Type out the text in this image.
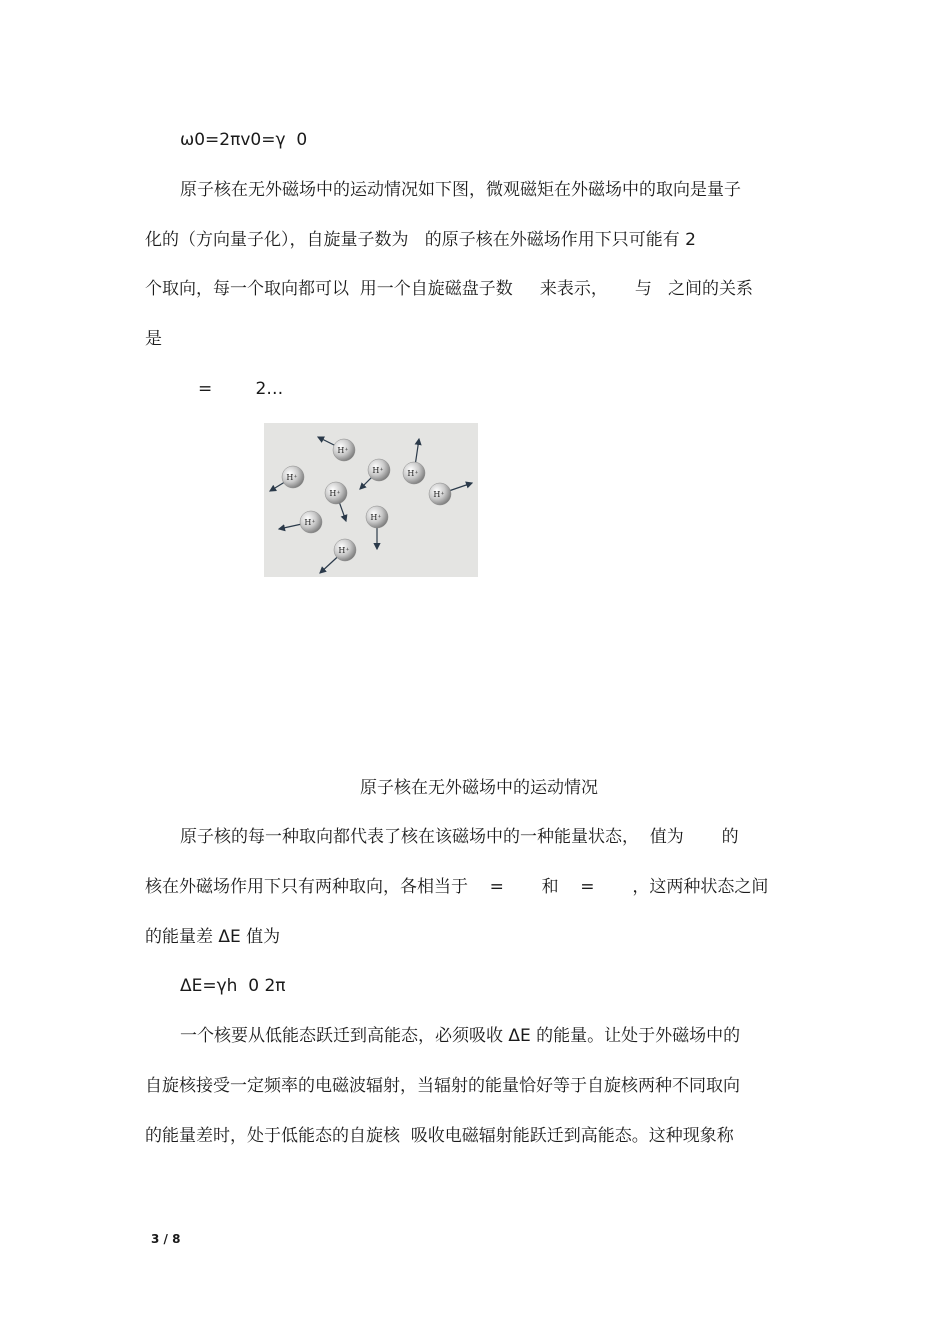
ω0=2πv0=γ  0
原子核在无外磁场中的运动情况如下图，微观磁矩在外磁场中的取向是量子
化的（方向量子化），自旋量子数为   的原子核在外磁场作用下只可能有 2
个取向，每一个取向都可以  用一个自旋磁盘子数     来表示，     与   之间的关系
是
=        2…
H⁺
H⁺
H⁺
H⁺	H⁺
H⁺
H⁺
H⁺
H⁺
原子核在无外磁场中的运动情况
原子核的每一种取向都代表了核在该磁场中的一种能量状态，  值为       的
核在外磁场作用下只有两种取向，各相当于    =       和    =       ，这两种状态之间
的能量差 ΔE 值为
ΔE=γh  0 2π
一个核要从低能态跃迁到高能态，必须吸收 ΔE 的能量。让处于外磁场中的
自旋核接受一定频率的电磁波辐射，当辐射的能量恰好等于自旋核两种不同取向
的能量差时，处于低能态的自旋核  吸收电磁辐射能跃迁到高能态。这种现象称
3 / 8
